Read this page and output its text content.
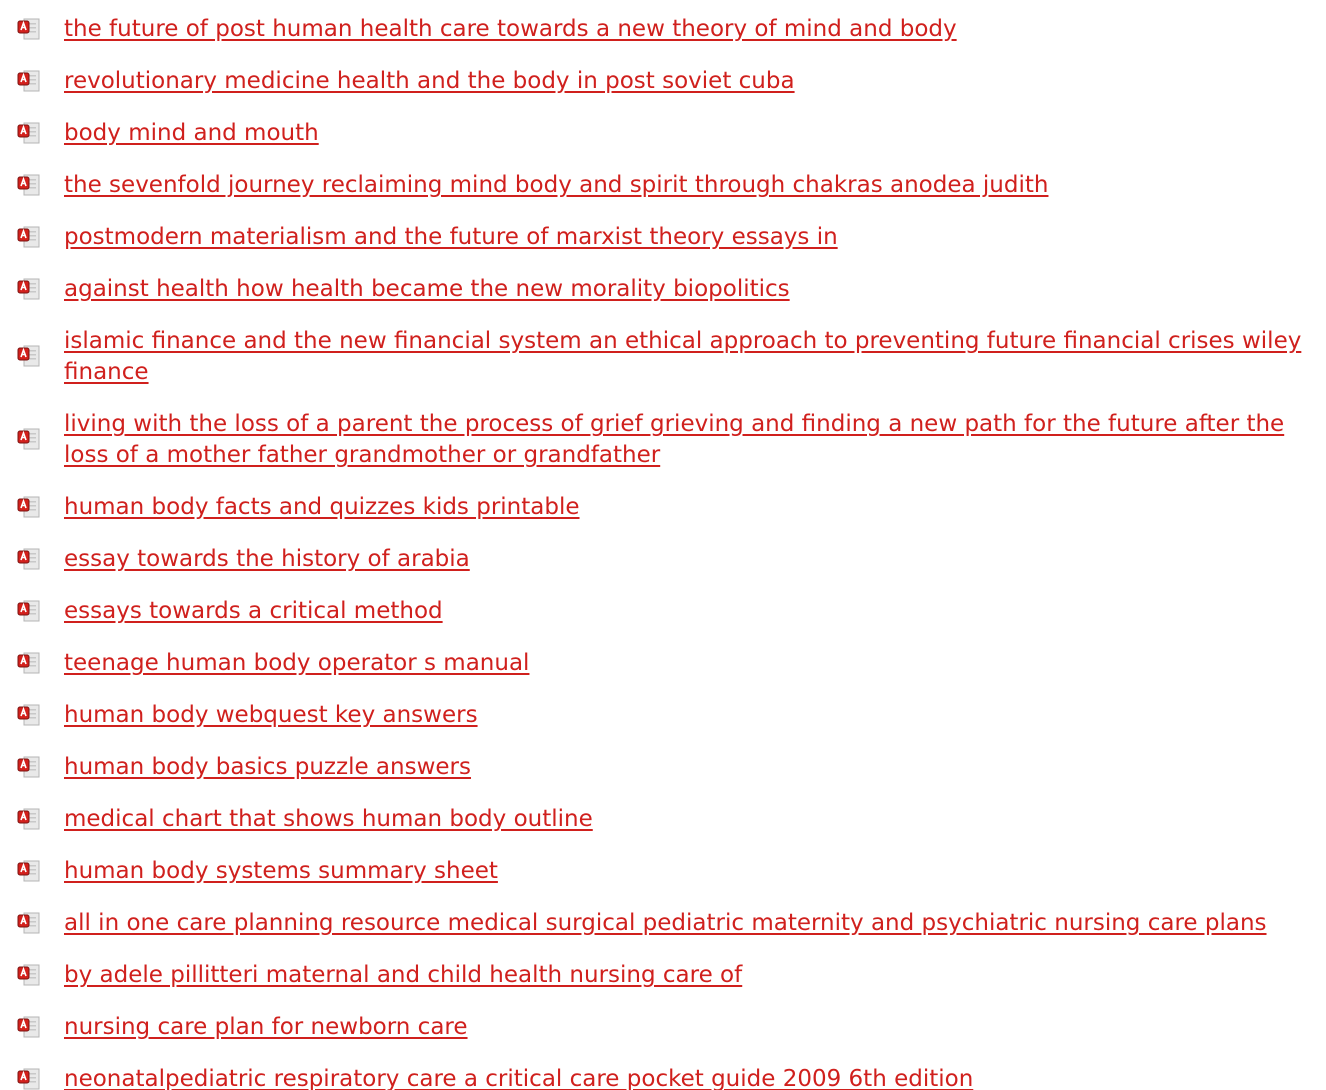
the future of post human health care towards a new theory of mind and body
revolutionary medicine health and the body in post soviet cuba
body mind and mouth
the sevenfold journey reclaiming mind body and spirit through chakras anodea judith
postmodern materialism and the future of marxist theory essays in
against health how health became the new morality biopolitics
islamic finance and the new financial system an ethical approach to preventing future financial crises wiley finance
living with the loss of a parent the process of grief grieving and finding a new path for the future after the loss of a mother father grandmother or grandfather
human body facts and quizzes kids printable
essay towards the history of arabia
essays towards a critical method
teenage human body operator s manual
human body webquest key answers
human body basics puzzle answers
medical chart that shows human body outline
human body systems summary sheet
all in one care planning resource medical surgical pediatric maternity and psychiatric nursing care plans
by adele pillitteri maternal and child health nursing care of
nursing care plan for newborn care
neonatalpediatric respiratory care a critical care pocket guide 2009 6th edition
